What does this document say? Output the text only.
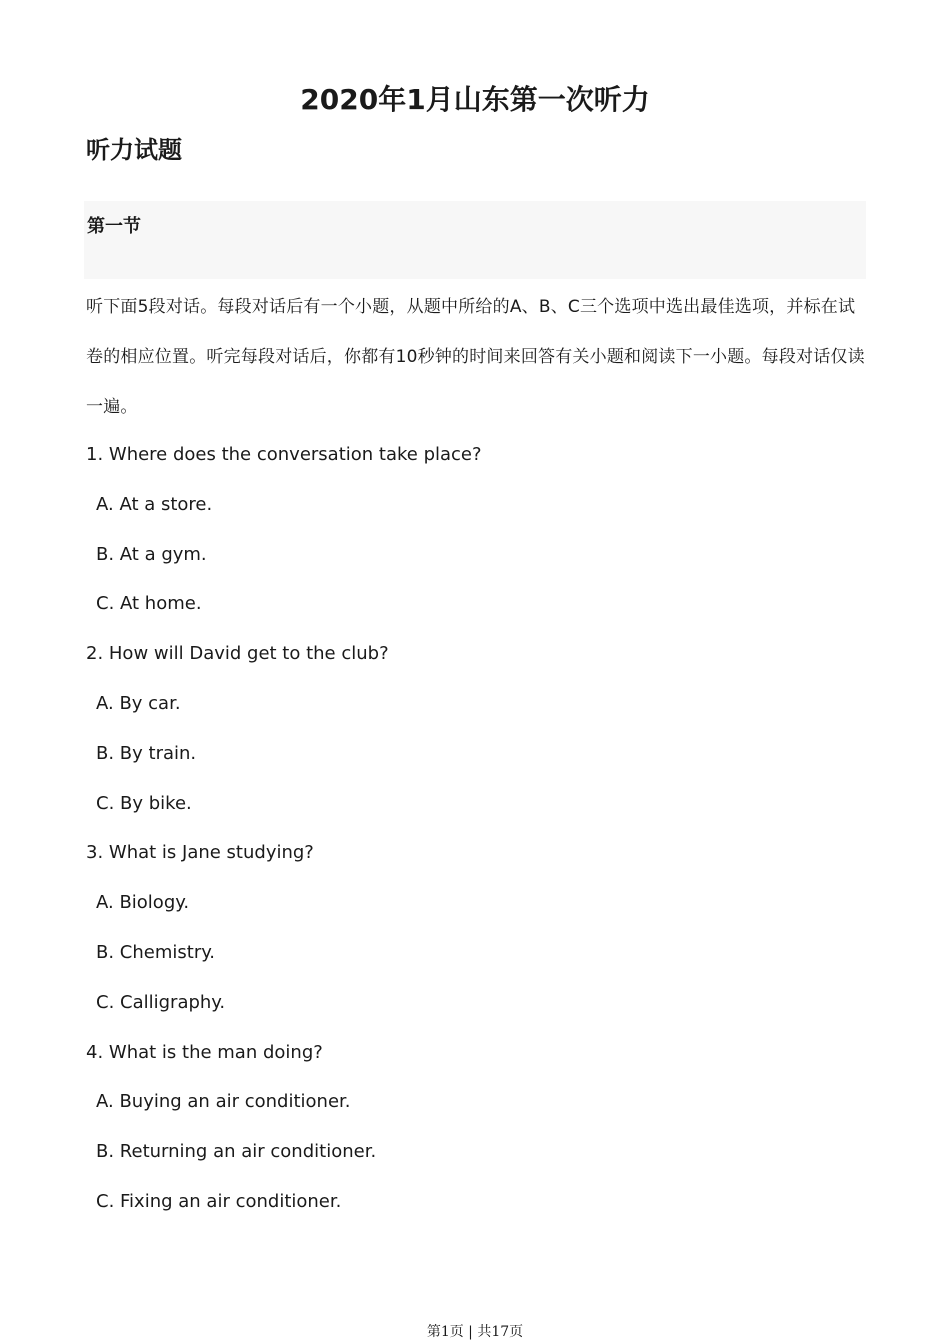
2020年1月山东第一次听力
听力试题
第一节

听下面5段对话。每段对话后有一个小题，从题中所给的A、B、C三个选项中选出最佳选项，并标在试卷的相应位置。听完每段对话后，你都有10秒钟的时间来回答有关小题和阅读下一小题。每段对话仅读一遍。

1. Where does the conversation take place?
A. At a store.
B. At a gym.
C. At home.
2. How will David get to the club?
A. By car.
B. By train.
C. By bike.
3. What is Jane studying?
A. Biology.
B. Chemistry.
C. Calligraphy.
4. What is the man doing?
A. Buying an air conditioner.
B. Returning an air conditioner.
C. Fixing an air conditioner.
第1页 | 共17页
